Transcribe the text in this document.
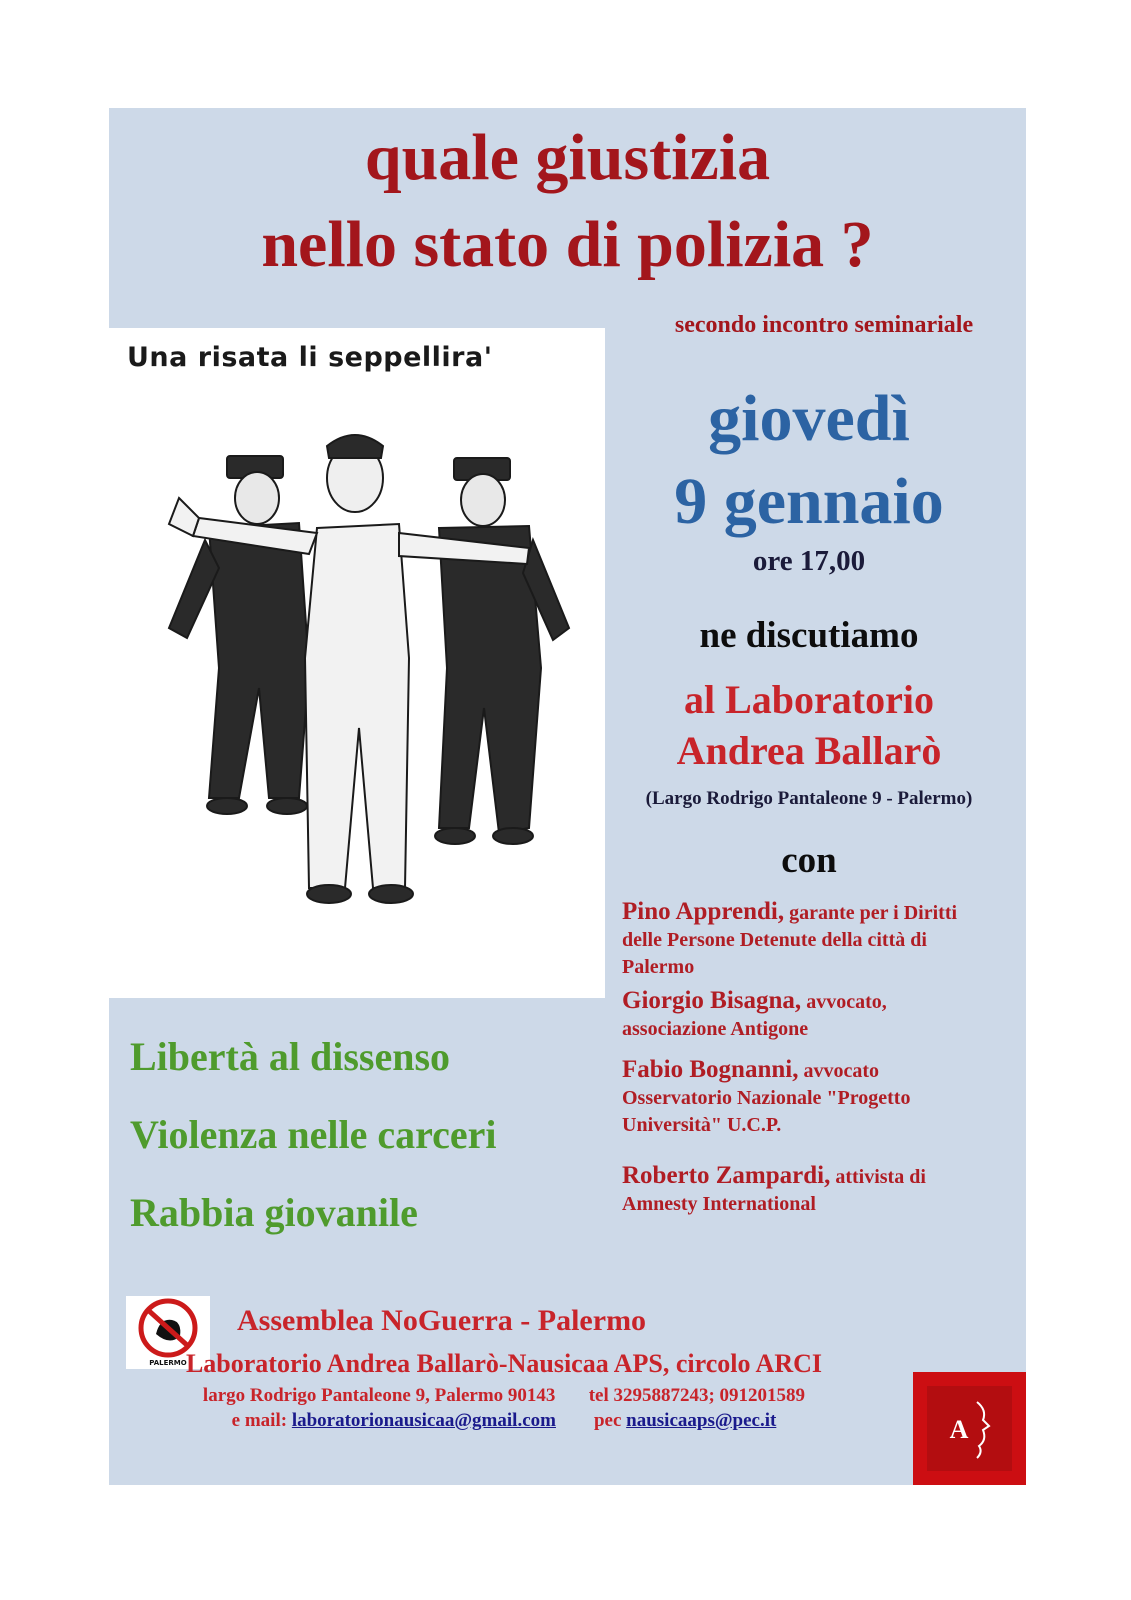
quale giustizia
nello stato di polizia ?
Una risata li seppellira'
secondo incontro seminariale
giovedì
9 gennaio
ore 17,00
ne discutiamo
al Laboratorio
Andrea Ballarò
(Largo Rodrigo Pantaleone 9 - Palermo)
con
Pino Apprendi, garante per i Diritti
delle Persone Detenute della città di
Palermo
Giorgio Bisagna, avvocato,
associazione Antigone
Fabio Bognanni, avvocato
Osservatorio Nazionale "Progetto
Università" U.C.P.
Roberto Zampardi, attivista di
Amnesty International
Libertà al dissenso
Violenza nelle carceri
Rabbia giovanile
PALERMO
Assemblea NoGuerra - Palermo
Laboratorio Andrea Ballarò-Nausicaa APS, circolo ARCI
largo Rodrigo Pantaleone 9, Palermo 90143 tel 3295887243; 091201589
e mail: laboratorionausicaa@gmail.com pec nausicaaps@pec.it	A
